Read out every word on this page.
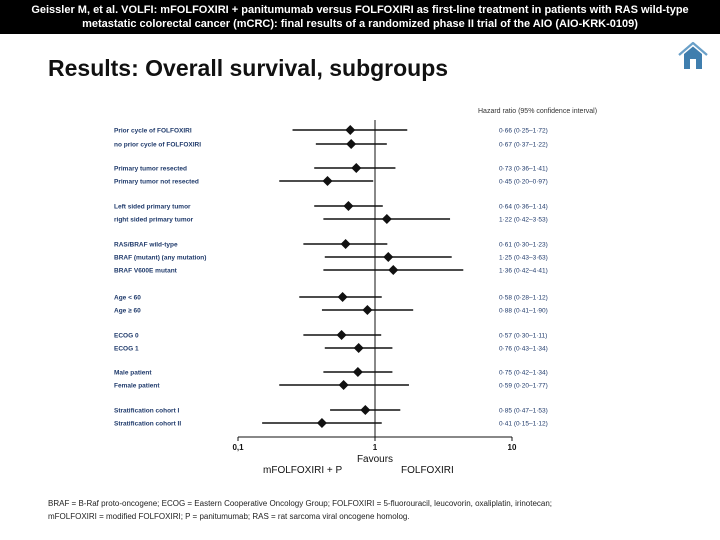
Geissler M, et al. VOLFI: mFOLFOXIRI + panitumumab versus FOLFOXIRI as first-line treatment in patients with RAS wild-type
metastatic colorectal cancer (mCRC): final results of a randomized phase II trial of the AIO (AIO-KRK-0109)
Results: Overall survival, subgroups
Hazard ratio (95% confidence interval)
0,1	1	10
Favours
mFOLFOXIRI + P	FOLFOXIRI
Prior cycle of FOLFOXIRI	0·66 (0·25–1·72)
no prior cycle of FOLFOXIRI	0·67 (0·37–1·22)
Primary tumor resected	0·73 (0·36–1·41)
Primary tumor not resected	0·45 (0·20–0·97)
Left sided primary tumor	0·64 (0·36–1·14)
right sided primary tumor	1·22 (0·42–3·53)
RAS/BRAF wild-type	0·61 (0·30–1·23)
BRAF (mutant) (any mutation)	1·25 (0·43–3·63)
BRAF V600E mutant	1·36 (0·42–4·41)
Age < 60	0·58 (0·28–1·12)
Age ≥ 60	0·88 (0·41–1·90)
ECOG 0	0·57 (0·30–1·11)
ECOG 1	0·76 (0·43–1·34)
Male patient	0·75 (0·42–1·34)
Female patient	0·59 (0·20–1·77)
Stratification cohort I	0·85 (0·47–1·53)
Stratification cohort II	0·41 (0·15–1·12)
BRAF = B-Raf proto-oncogene; ECOG = Eastern Cooperative Oncology Group; FOLFOXIRI = 5-fluorouracil, leucovorin, oxaliplatin, irinotecan;
mFOLFOXIRI = modified FOLFOXIRI; P = panitumumab; RAS = rat sarcoma viral oncogene homolog.
